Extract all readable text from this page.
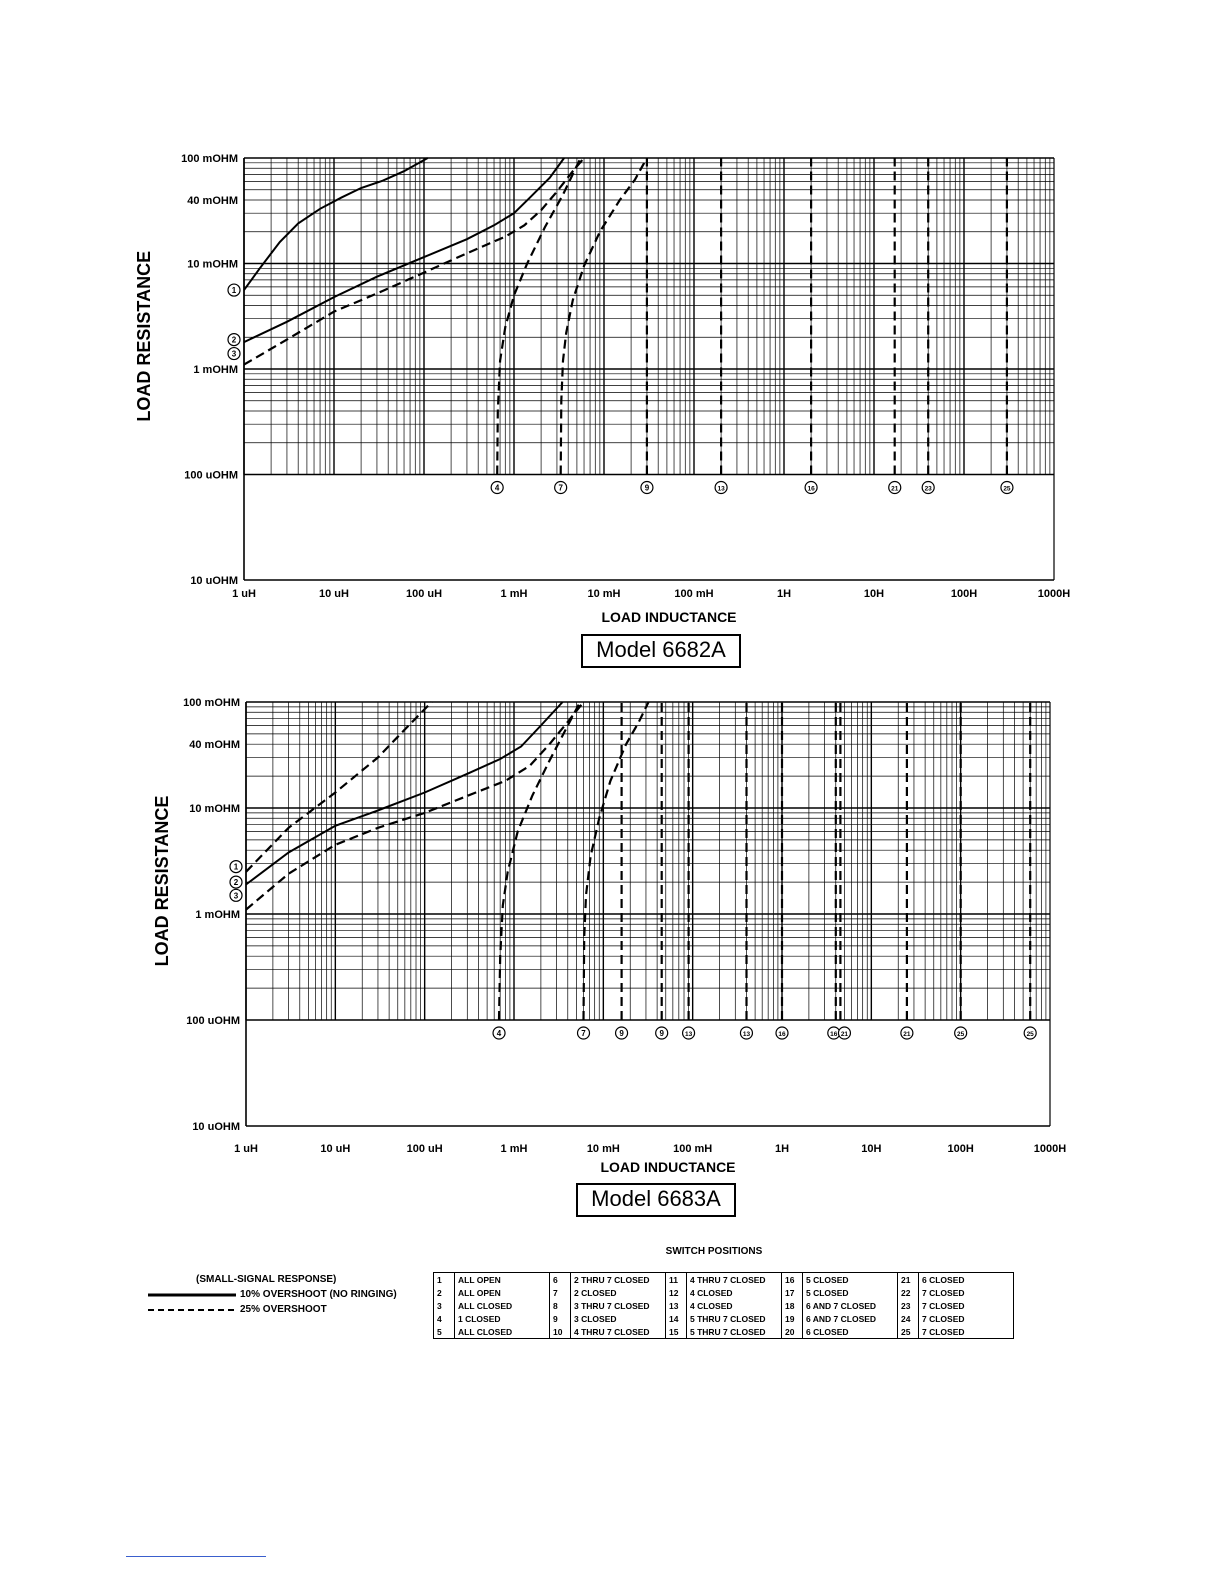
1 uH	10 uH	100 uH	1 mH	10 mH	100 mH	1H	10H	100H	1000H
100 mOHM
40 mOHM
10 mOHM
1 mOHM
100 uOHM
10 uOHM
LOAD INDUCTANCE
LOAD RESISTANCE	1
2
3
4	7	9	13	16	21	23	25
1 uH	10 uH	100 uH	1 mH	10 mH	100 mH	1H	10H	100H	1000H
100 mOHM
40 mOHM
10 mOHM
1 mOHM
100 uOHM
10 uOHM
LOAD INDUCTANCE
LOAD RESISTANCE	1
2
3
4	7	9	9	13	13	16	16 21	21	25	25
Model 6682A
Model 6683A
(SMALL-SIGNAL RESPONSE)
10% OVERSHOOT (NO RINGING)
25% OVERSHOOT
SWITCH POSITIONS
1	ALL OPEN	6	2 THRU 7 CLOSED	11	4 THRU 7 CLOSED	16	5 CLOSED	21	6 CLOSED
2	ALL OPEN	7	2 CLOSED	12	4 CLOSED	17	5 CLOSED	22	7 CLOSED
3	ALL CLOSED	8	3 THRU 7 CLOSED	13	4 CLOSED	18	6 AND 7 CLOSED	23	7 CLOSED
4	1 CLOSED	9	3 CLOSED	14	5 THRU 7 CLOSED	19	6 AND 7 CLOSED	24	7 CLOSED
5	ALL CLOSED	10	4 THRU 7 CLOSED	15	5 THRU 7 CLOSED	20	6 CLOSED	25	7 CLOSED
